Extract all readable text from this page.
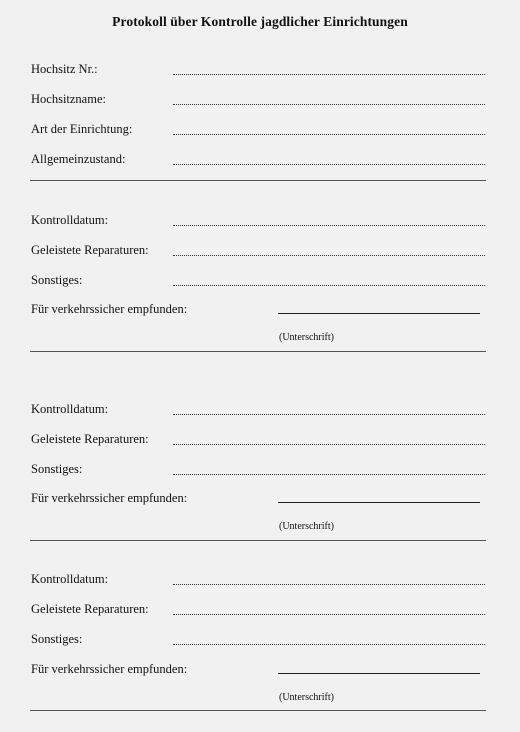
Protokoll über Kontrolle jagdlicher Einrichtungen
Hochsitz Nr.:
Hochsitzname:
Art der Einrichtung:
Allgemeinzustand:
Kontrolldatum:
Geleistete Reparaturen:
Sonstiges:
Für verkehrssicher empfunden:
(Unterschrift)
Kontrolldatum:
Geleistete Reparaturen:
Sonstiges:
Für verkehrssicher empfunden:
(Unterschrift)
Kontrolldatum:
Geleistete Reparaturen:
Sonstiges:
Für verkehrssicher empfunden:
(Unterschrift)
